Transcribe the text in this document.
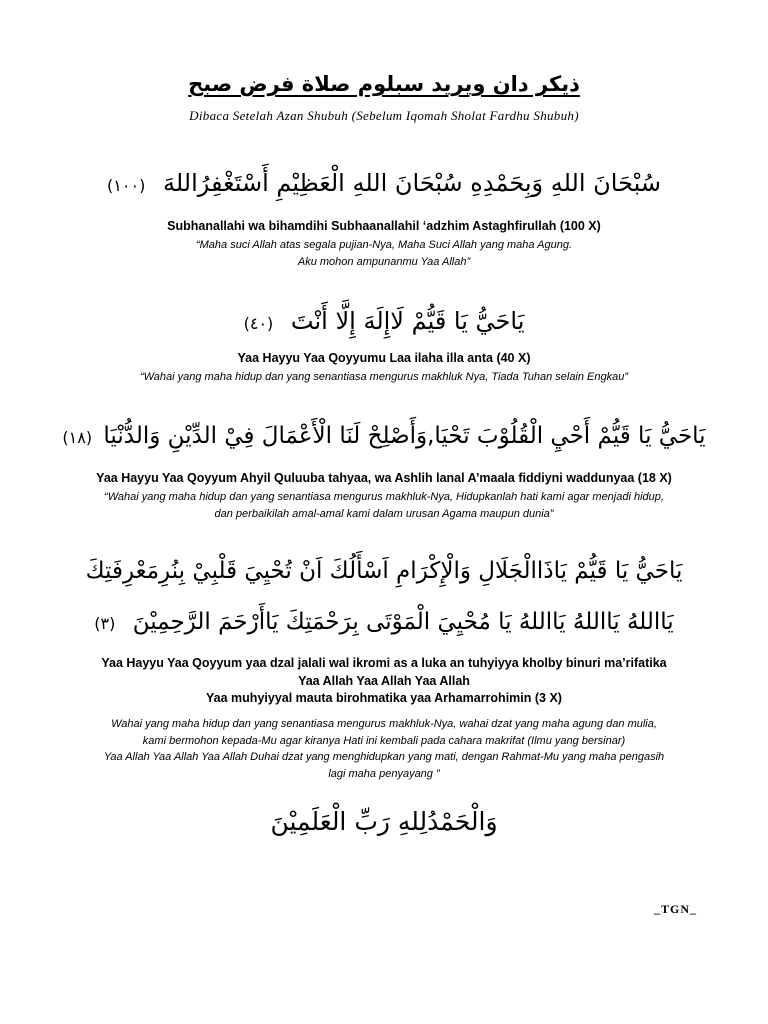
ذيكر دان ويريد سبلوم صلاة فرض صبح
Dibaca Setelah Azan Shubuh (Sebelum Iqomah Sholat Fardhu Shubuh)
سُبْحَانَ اللهِ وَبِحَمْدِهِ سُبْحَانَ اللهِ الْعَظِيْمِ أَسْتَغْفِرُاللهَ (١٠٠)
Subhanallahi wa bihamdihi Subhaanallahil ‘adzhim Astaghfirullah (100 X)
“Maha suci Allah atas segala pujian-Nya, Maha Suci Allah yang maha Agung.
Aku mohon ampunanmu Yaa Allah”
يَاحَيُّ يَا قَيُّمْ لَاإِلَهَ إِلَّا أَنْتَ (٤٠)
Yaa Hayyu Yaa Qoyyumu Laa ilaha illa anta (40 X)
“Wahai yang maha hidup dan yang senantiasa mengurus makhluk Nya, Tiada Tuhan selain Engkau”
يَاحَيُّ يَا قَيُّمْ أَحْيِ الْقُلُوْبَ تَحْيَا,وَأَصْلِحْ لَنَا الْأَعْمَالَ فِيْ الدِّيْنِ وَالدُّنْيَا (١٨)
Yaa Hayyu Yaa Qoyyum Ahyil Quluuba tahyaa, wa Ashlih lanal A’maala fiddiyni waddunyaa (18 X)
“Wahai yang maha hidup dan yang senantiasa mengurus makhluk-Nya, Hidupkanlah hati kami agar menjadi hidup,
dan perbaikilah amal-amal kami dalam urusan Agama maupun dunia”
يَاحَيُّ يَا قَيُّمْ يَاذَاالْجَلَالِ وَالْإِكْرَامِ اَسْأَلُكَ اَنْ تُحْيِيَ قَلْبِيْ بِنُرِمَعْرِفَتِكَ
يَااللهُ يَااللهُ يَااللهُ يَا مُحْيِيَ الْمَوْتَى بِرَحْمَتِكَ يَاأَرْحَمَ الرَّحِمِيْنَ (٣)
Yaa Hayyu Yaa Qoyyum yaa dzal jalali wal ikromi as a luka an tuhyiyya kholby binuri ma’rifatika
Yaa Allah Yaa Allah Yaa Allah
Yaa muhyiyyal mauta birohmatika yaa Arhamarrohimin (3 X)
Wahai yang maha hidup dan yang senantiasa mengurus makhluk-Nya, wahai dzat yang maha agung dan mulia,
kami bermohon kepada-Mu agar kiranya Hati ini kembali pada cahara makrifat (Ilmu yang bersinar)
Yaa Allah Yaa Allah Yaa Allah Duhai dzat yang menghidupkan yang mati, dengan Rahmat-Mu yang maha pengasih
lagi maha penyayang ”
وَالْحَمْدُلِلهِ رَبِّ الْعَلَمِيْنَ
_TGN_
